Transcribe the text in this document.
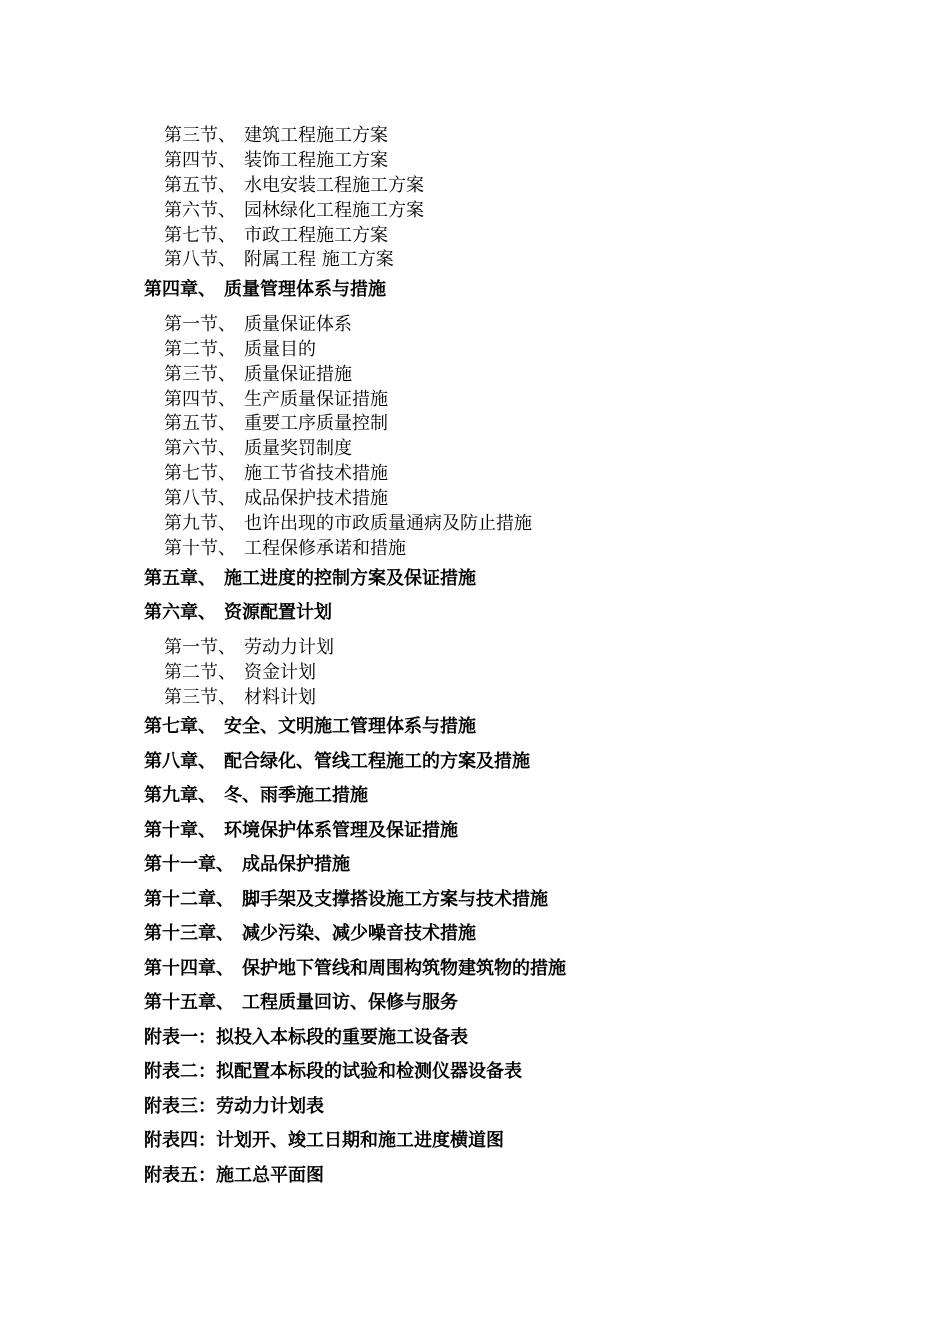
第三节、 建筑工程施工方案
第四节、 装饰工程施工方案
第五节、 水电安装工程施工方案
第六节、 园林绿化工程施工方案
第七节、 市政工程施工方案
第八节、 附属工程 施工方案
第四章、 质量管理体系与措施
第一节、 质量保证体系
第二节、 质量目的
第三节、 质量保证措施
第四节、 生产质量保证措施
第五节、 重要工序质量控制
第六节、 质量奖罚制度
第七节、 施工节省技术措施
第八节、 成品保护技术措施
第九节、 也许出现的市政质量通病及防止措施
第十节、 工程保修承诺和措施
第五章、 施工进度的控制方案及保证措施
第六章、 资源配置计划
第一节、 劳动力计划
第二节、 资金计划
第三节、 材料计划
第七章、 安全、文明施工管理体系与措施
第八章、 配合绿化、管线工程施工的方案及措施
第九章、 冬、雨季施工措施
第十章、 环境保护体系管理及保证措施
第十一章、 成品保护措施
第十二章、 脚手架及支撑搭设施工方案与技术措施
第十三章、 减少污染、减少噪音技术措施
第十四章、 保护地下管线和周围构筑物建筑物的措施
第十五章、 工程质量回访、保修与服务
附表一：拟投入本标段的重要施工设备表
附表二：拟配置本标段的试验和检测仪器设备表
附表三：劳动力计划表
附表四：计划开、竣工日期和施工进度横道图
附表五：施工总平面图
